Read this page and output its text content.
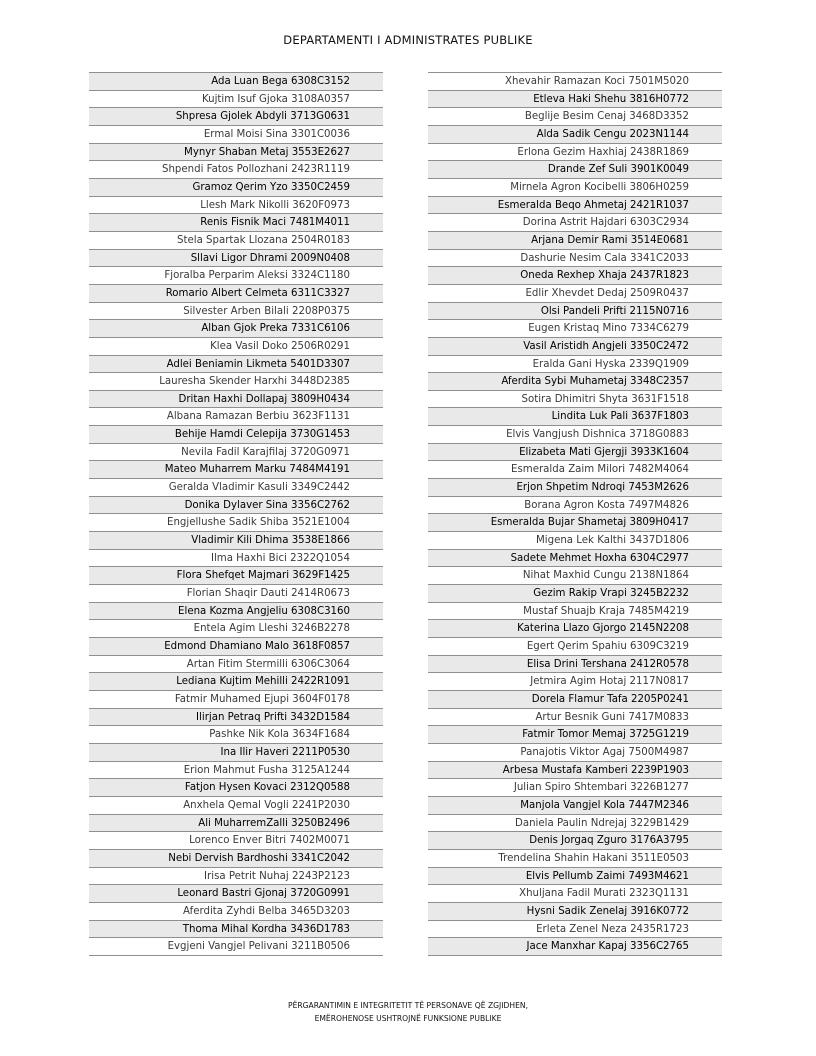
DEPARTAMENTI I ADMINISTRATES PUBLIKE
Ada Luan Bega 6308C3152
Kujtim Isuf Gjoka 3108A0357
Shpresa Gjolek Abdyli 3713G0631
Ermal Moisi Sina 3301C0036
Mynyr Shaban Metaj 3553E2627
Shpendi Fatos Pollozhani 2423R1119
Gramoz Qerim Yzo 3350C2459
Llesh Mark Nikolli 3620F0973
Renis Fisnik Maci 7481M4011
Stela Spartak Llozana 2504R0183
Sllavi Ligor Dhrami 2009N0408
Fjoralba Perparim Aleksi 3324C1180
Romario Albert Celmeta 6311C3327
Silvester Arben Bilali 2208P0375
Alban Gjok Preka 7331C6106
Klea Vasil Doko 2506R0291
Adlei Beniamin Likmeta 5401D3307
Lauresha Skender Harxhi 3448D2385
Dritan Haxhi Dollapaj 3809H0434
Albana Ramazan Berbiu 3623F1131
Behije Hamdi Celepija 3730G1453
Nevila Fadil Karajfilaj 3720G0971
Mateo Muharrem Marku 7484M4191
Geralda Vladimir Kasuli 3349C2442
Donika Dylaver Sina 3356C2762
Engjellushe Sadik Shiba 3521E1004
Vladimir Kili Dhima 3538E1866
Ilma Haxhi Bici 2322Q1054
Flora Shefqet Majmari 3629F1425
Florian Shaqir Dauti 2414R0673
Elena Kozma Angjeliu 6308C3160
Entela Agim Lleshi 3246B2278
Edmond Dhamiano Malo 3618F0857
Artan Fitim Stermilli 6306C3064
Lediana Kujtim Mehilli 2422R1091
Fatmir Muhamed Ejupi 3604F0178
Ilirjan Petraq Prifti 3432D1584
Pashke Nik Kola 3634F1684
Ina Ilir Haveri 2211P0530
Erion Mahmut Fusha 3125A1244
Fatjon Hysen Kovaci 2312Q0588
Anxhela Qemal Vogli 2241P2030
Ali MuharremZalli 3250B2496
Lorenco Enver Bitri 7402M0071
Nebi Dervish Bardhoshi 3341C2042
Irisa Petrit Nuhaj 2243P2123
Leonard Bastri Gjonaj 3720G0991
Aferdita Zyhdi Belba 3465D3203
Thoma Mihal Kordha 3436D1783
Evgjeni Vangjel Pelivani 3211B0506
Xhevahir Ramazan Koci 7501M5020
Etleva Haki Shehu 3816H0772
Beglije Besim Cenaj 3468D3352
Alda Sadik Cengu 2023N1144
Erlona Gezim Haxhiaj 2438R1869
Drande Zef Suli 3901K0049
Mirnela Agron Kocibelli 3806H0259
Esmeralda Beqo Ahmetaj 2421R1037
Dorina Astrit Hajdari 6303C2934
Arjana Demir Rami 3514E0681
Dashurie Nesim Cala 3341C2033
Oneda Rexhep Xhaja 2437R1823
Edlir Xhevdet Dedaj 2509R0437
Olsi Pandeli Prifti 2115N0716
Eugen Kristaq Mino 7334C6279
Vasil Aristidh Angjeli 3350C2472
Eralda Gani Hyska 2339Q1909
Aferdita Sybi Muhametaj 3348C2357
Sotira Dhimitri Shyta 3631F1518
Lindita Luk Pali 3637F1803
Elvis Vangjush Dishnica 3718G0883
Elizabeta Mati Gjergji 3933K1604
Esmeralda Zaim Milori 7482M4064
Erjon Shpetim Ndroqi 7453M2626
Borana Agron Kosta 7497M4826
Esmeralda Bujar Shametaj 3809H0417
Migena Lek Kalthi 3437D1806
Sadete Mehmet Hoxha 6304C2977
Nihat Maxhid Cungu 2138N1864
Gezim Rakip Vrapi 3245B2232
Mustaf Shuajb Kraja 7485M4219
Katerina Llazo Gjorgo 2145N2208
Egert Qerim Spahiu 6309C3219
Elisa Drini Tershana 2412R0578
Jetmira Agim Hotaj 2117N0817
Dorela Flamur Tafa 2205P0241
Artur Besnik Guni 7417M0833
Fatmir Tomor Memaj 3725G1219
Panajotis Viktor Agaj 7500M4987
Arbesa Mustafa Kamberi 2239P1903
Julian Spiro Shtembari 3226B1277
Manjola Vangjel Kola 7447M2346
Daniela Paulin Ndrejaj 3229B1429
Denis Jorgaq Zguro 3176A3795
Trendelina Shahin Hakani 3511E0503
Elvis Pellumb Zaimi 7493M4621
Xhuljana Fadil Murati 2323Q1131
Hysni Sadik Zenelaj 3916K0772
Erleta Zenel Neza 2435R1723
Jace Manxhar Kapaj 3356C2765
PËRGARANTIMIN E INTEGRITETIT TË PERSONAVE QË ZGJIDHEN,
EMËROHENOSE USHTROJNË FUNKSIONE PUBLIKE
